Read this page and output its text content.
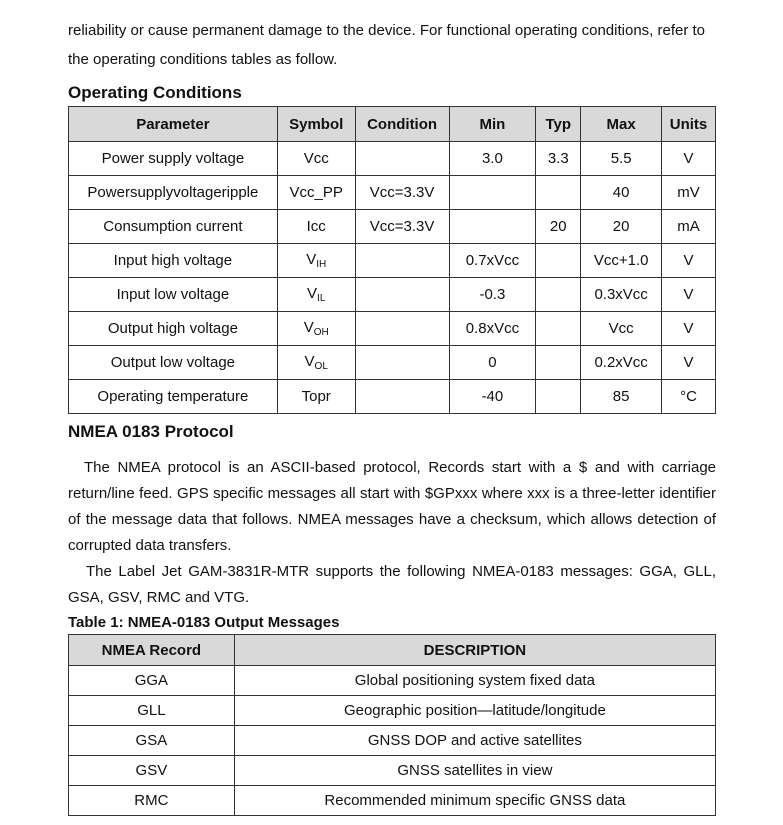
reliability or cause permanent damage to the device. For functional operating conditions, refer to the operating conditions tables as follow.

Operating Conditions
Parameter	Symbol	Condition	Min	Typ	Max	Units
Power supply voltage	Vcc		3.0	3.3	5.5	V
Powersupplyvoltageripple	Vcc_PP	Vcc=3.3V			40	mV
Consumption current	Icc	Vcc=3.3V		20	20	mA
Input high voltage	$V_{IH}$		0.7xVcc		Vcc+1.0	V
Input low voltage	$V_{IL}$		-0.3		0.3xVcc	V
Output high voltage	$V_{OH}$		0.8xVcc		Vcc	V
Output low voltage	$V_{OL}$		0		0.2xVcc	V
Operating temperature	Topr		-40		85	°C
NMEA 0183 Protocol

The NMEA protocol is an ASCII-based protocol, Records start with a $ and with carriage return/line feed. GPS specific messages all start with $GPxxx where xxx is a three-letter identifier of the message data that follows. NMEA messages have a checksum, which allows detection of corrupted data transfers.

The Label Jet GAM-3831R-MTR supports the following NMEA-0183 messages: GGA, GLL, GSA, GSV, RMC and VTG.

Table 1: NMEA-0183 Output Messages

NMEA Record	DESCRIPTION
GGA	Global positioning system fixed data
GLL	Geographic position—latitude/longitude
GSA	GNSS DOP and active satellites
GSV	GNSS satellites in view
RMC	Recommended minimum specific GNSS data
